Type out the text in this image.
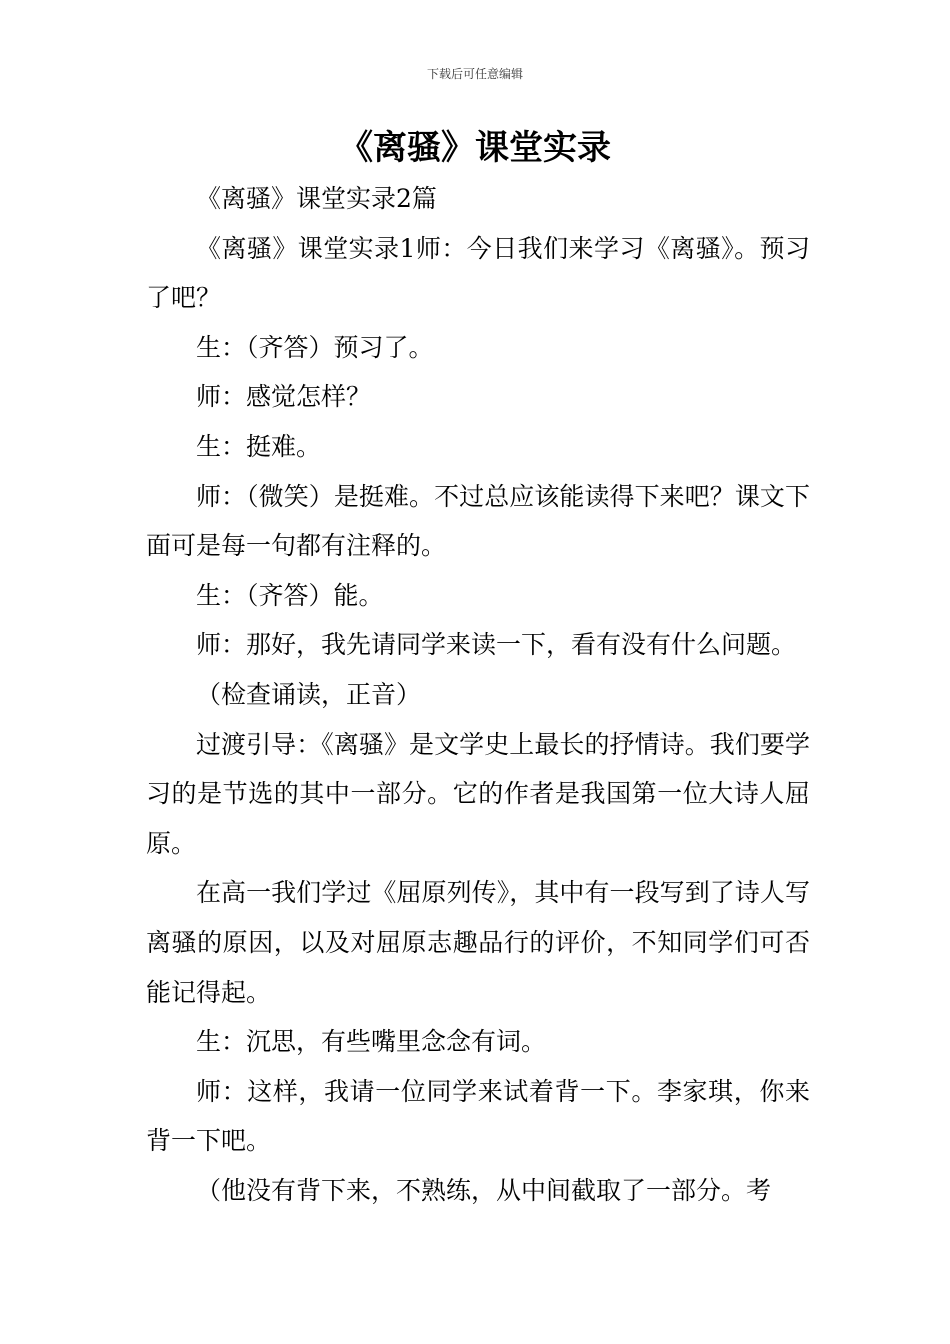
下载后可任意编辑
《离骚》课堂实录

《离骚》课堂实录2篇

《离骚》课堂实录1师：今日我们来学习《离骚》。预习了吧？

生：（齐答）预习了。

师：感觉怎样？

生：挺难。

师：（微笑）是挺难。不过总应该能读得下来吧？课文下面可是每一句都有注释的。

生：（齐答）能。

师：那好，我先请同学来读一下，看有没有什么问题。

（检查诵读，正音）

过渡引导：《离骚》是文学史上最长的抒情诗。我们要学习的是节选的其中一部分。它的作者是我国第一位大诗人屈原。

在高一我们学过《屈原列传》，其中有一段写到了诗人写离骚的原因，以及对屈原志趣品行的评价，不知同学们可否能记得起。

生：沉思，有些嘴里念念有词。

师：这样，我请一位同学来试着背一下。李家琪，你来背一下吧。

（他没有背下来，不熟练，从中间截取了一部分。考
